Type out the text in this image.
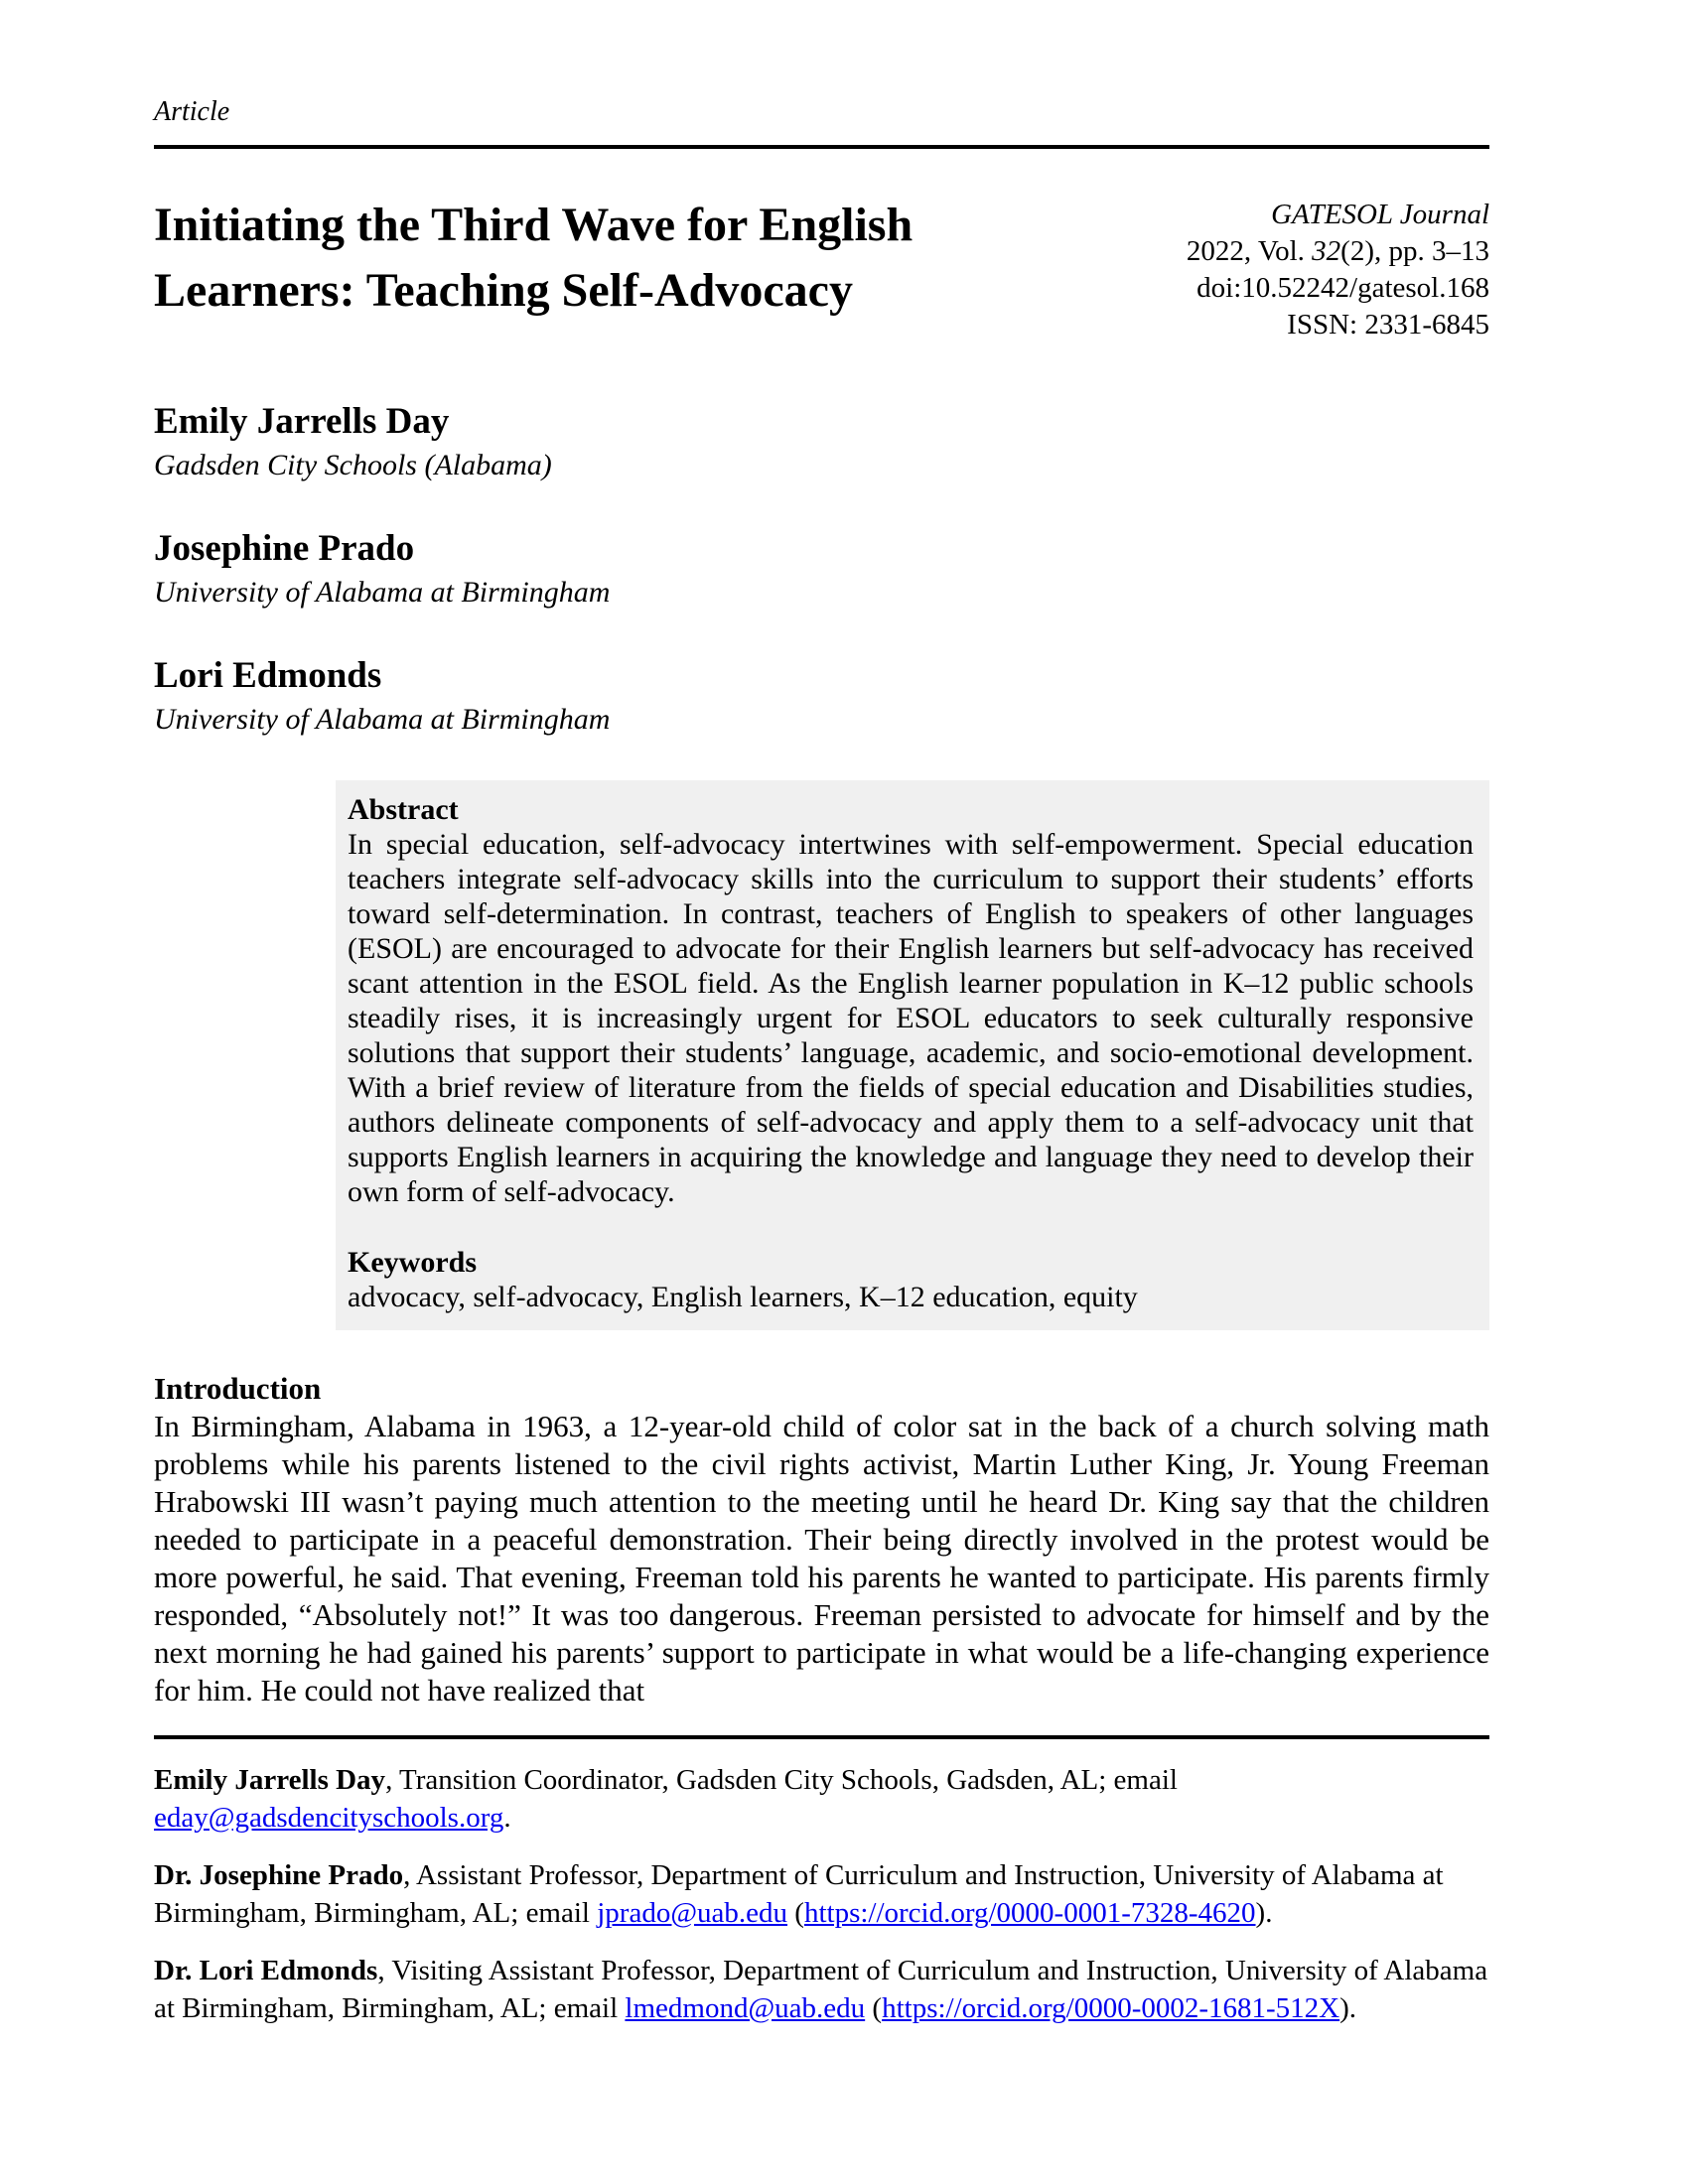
Article
Initiating the Third Wave for English Learners: Teaching Self-Advocacy
GATESOL Journal
2022, Vol. 32(2), pp. 3–13
doi:10.52242/gatesol.168
ISSN: 2331-6845
Emily Jarrells Day
Gadsden City Schools (Alabama)
Josephine Prado
University of Alabama at Birmingham
Lori Edmonds
University of Alabama at Birmingham
Abstract
In special education, self-advocacy intertwines with self-empowerment. Special education teachers integrate self-advocacy skills into the curriculum to support their students’ efforts toward self-determination. In contrast, teachers of English to speakers of other languages (ESOL) are encouraged to advocate for their English learners but self-advocacy has received scant attention in the ESOL field. As the English learner population in K–12 public schools steadily rises, it is increasingly urgent for ESOL educators to seek culturally responsive solutions that support their students’ language, academic, and socio-emotional development. With a brief review of literature from the fields of special education and Disabilities studies, authors delineate components of self-advocacy and apply them to a self-advocacy unit that supports English learners in acquiring the knowledge and language they need to develop their own form of self-advocacy.
Keywords
advocacy, self-advocacy, English learners, K–12 education, equity
Introduction

In Birmingham, Alabama in 1963, a 12-year-old child of color sat in the back of a church solving math problems while his parents listened to the civil rights activist, Martin Luther King, Jr. Young Freeman Hrabowski III wasn’t paying much attention to the meeting until he heard Dr. King say that the children needed to participate in a peaceful demonstration. Their being directly involved in the protest would be more powerful, he said. That evening, Freeman told his parents he wanted to participate. His parents firmly responded, “Absolutely not!” It was too dangerous. Freeman persisted to advocate for himself and by the next morning he had gained his parents’ support to participate in what would be a life-changing experience for him. He could not have realized that

Emily Jarrells Day, Transition Coordinator, Gadsden City Schools, Gadsden, AL; email eday@gadsdencityschools.org.

Dr. Josephine Prado, Assistant Professor, Department of Curriculum and Instruction, University of Alabama at Birmingham, Birmingham, AL; email jprado@uab.edu (https://orcid.org/0000-0001-7328-4620).

Dr. Lori Edmonds, Visiting Assistant Professor, Department of Curriculum and Instruction, University of Alabama at Birmingham, Birmingham, AL; email lmedmond@uab.edu (https://orcid.org/0000-0002-1681-512X).
